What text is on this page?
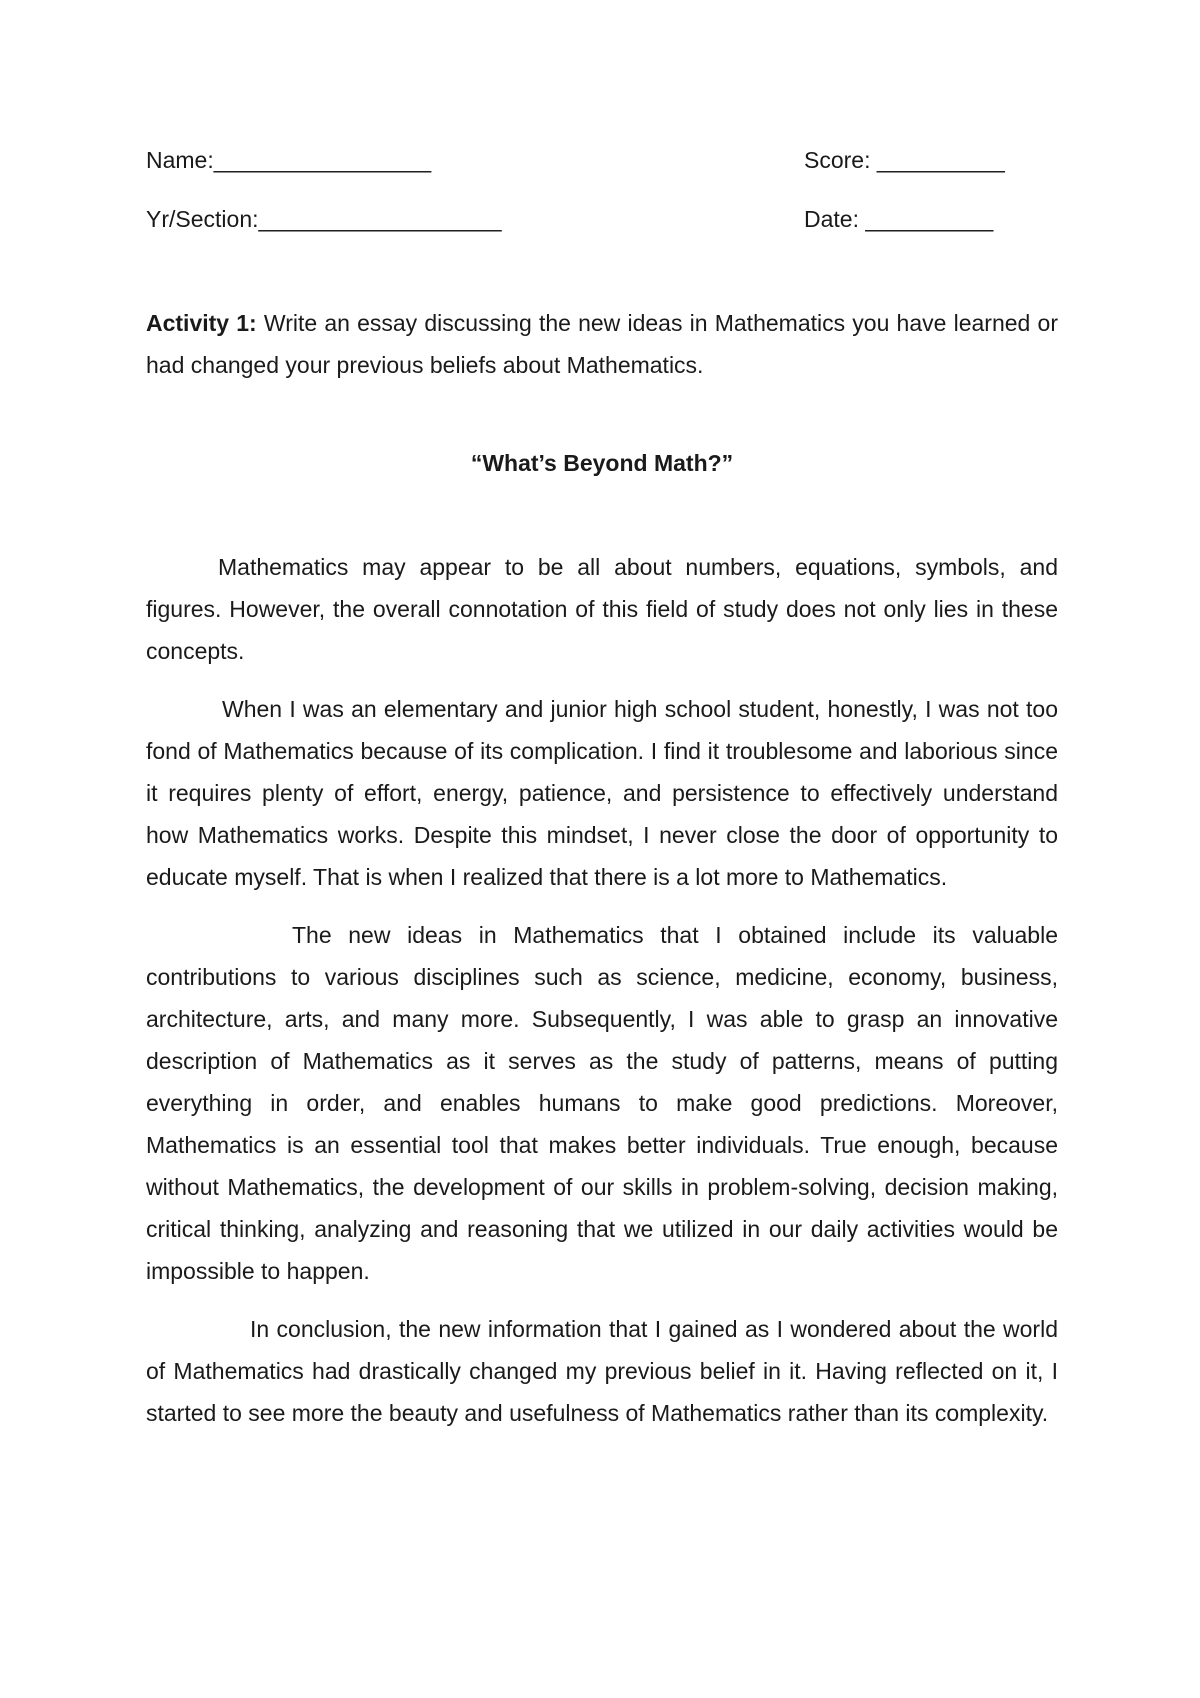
Name:_________________	Score: __________
Yr/Section:___________________	Date: __________
Activity 1: Write an essay discussing the new ideas in Mathematics you have learned or had changed your previous beliefs about Mathematics.
“What’s Beyond Math?”

Mathematics may appear to be all about numbers, equations, symbols, and figures. However, the overall connotation of this field of study does not only lies in these concepts.

When I was an elementary and junior high school student, honestly, I was not too fond of Mathematics because of its complication. I find it troublesome and laborious since it requires plenty of effort, energy, patience, and persistence to effectively understand how Mathematics works. Despite this mindset, I never close the door of opportunity to educate myself. That is when I realized that there is a lot more to Mathematics.

The new ideas in Mathematics that I obtained include its valuable contributions to various disciplines such as science, medicine, economy, business, architecture, arts, and many more. Subsequently, I was able to grasp an innovative description of Mathematics as it serves as the study of patterns, means of putting everything in order, and enables humans to make good predictions. Moreover, Mathematics is an essential tool that makes better individuals. True enough, because without Mathematics, the development of our skills in problem-solving, decision making, critical thinking, analyzing and reasoning that we utilized in our daily activities would be impossible to happen.

In conclusion, the new information that I gained as I wondered about the world of Mathematics had drastically changed my previous belief in it. Having reflected on it, I started to see more the beauty and usefulness of Mathematics rather than its complexity.
